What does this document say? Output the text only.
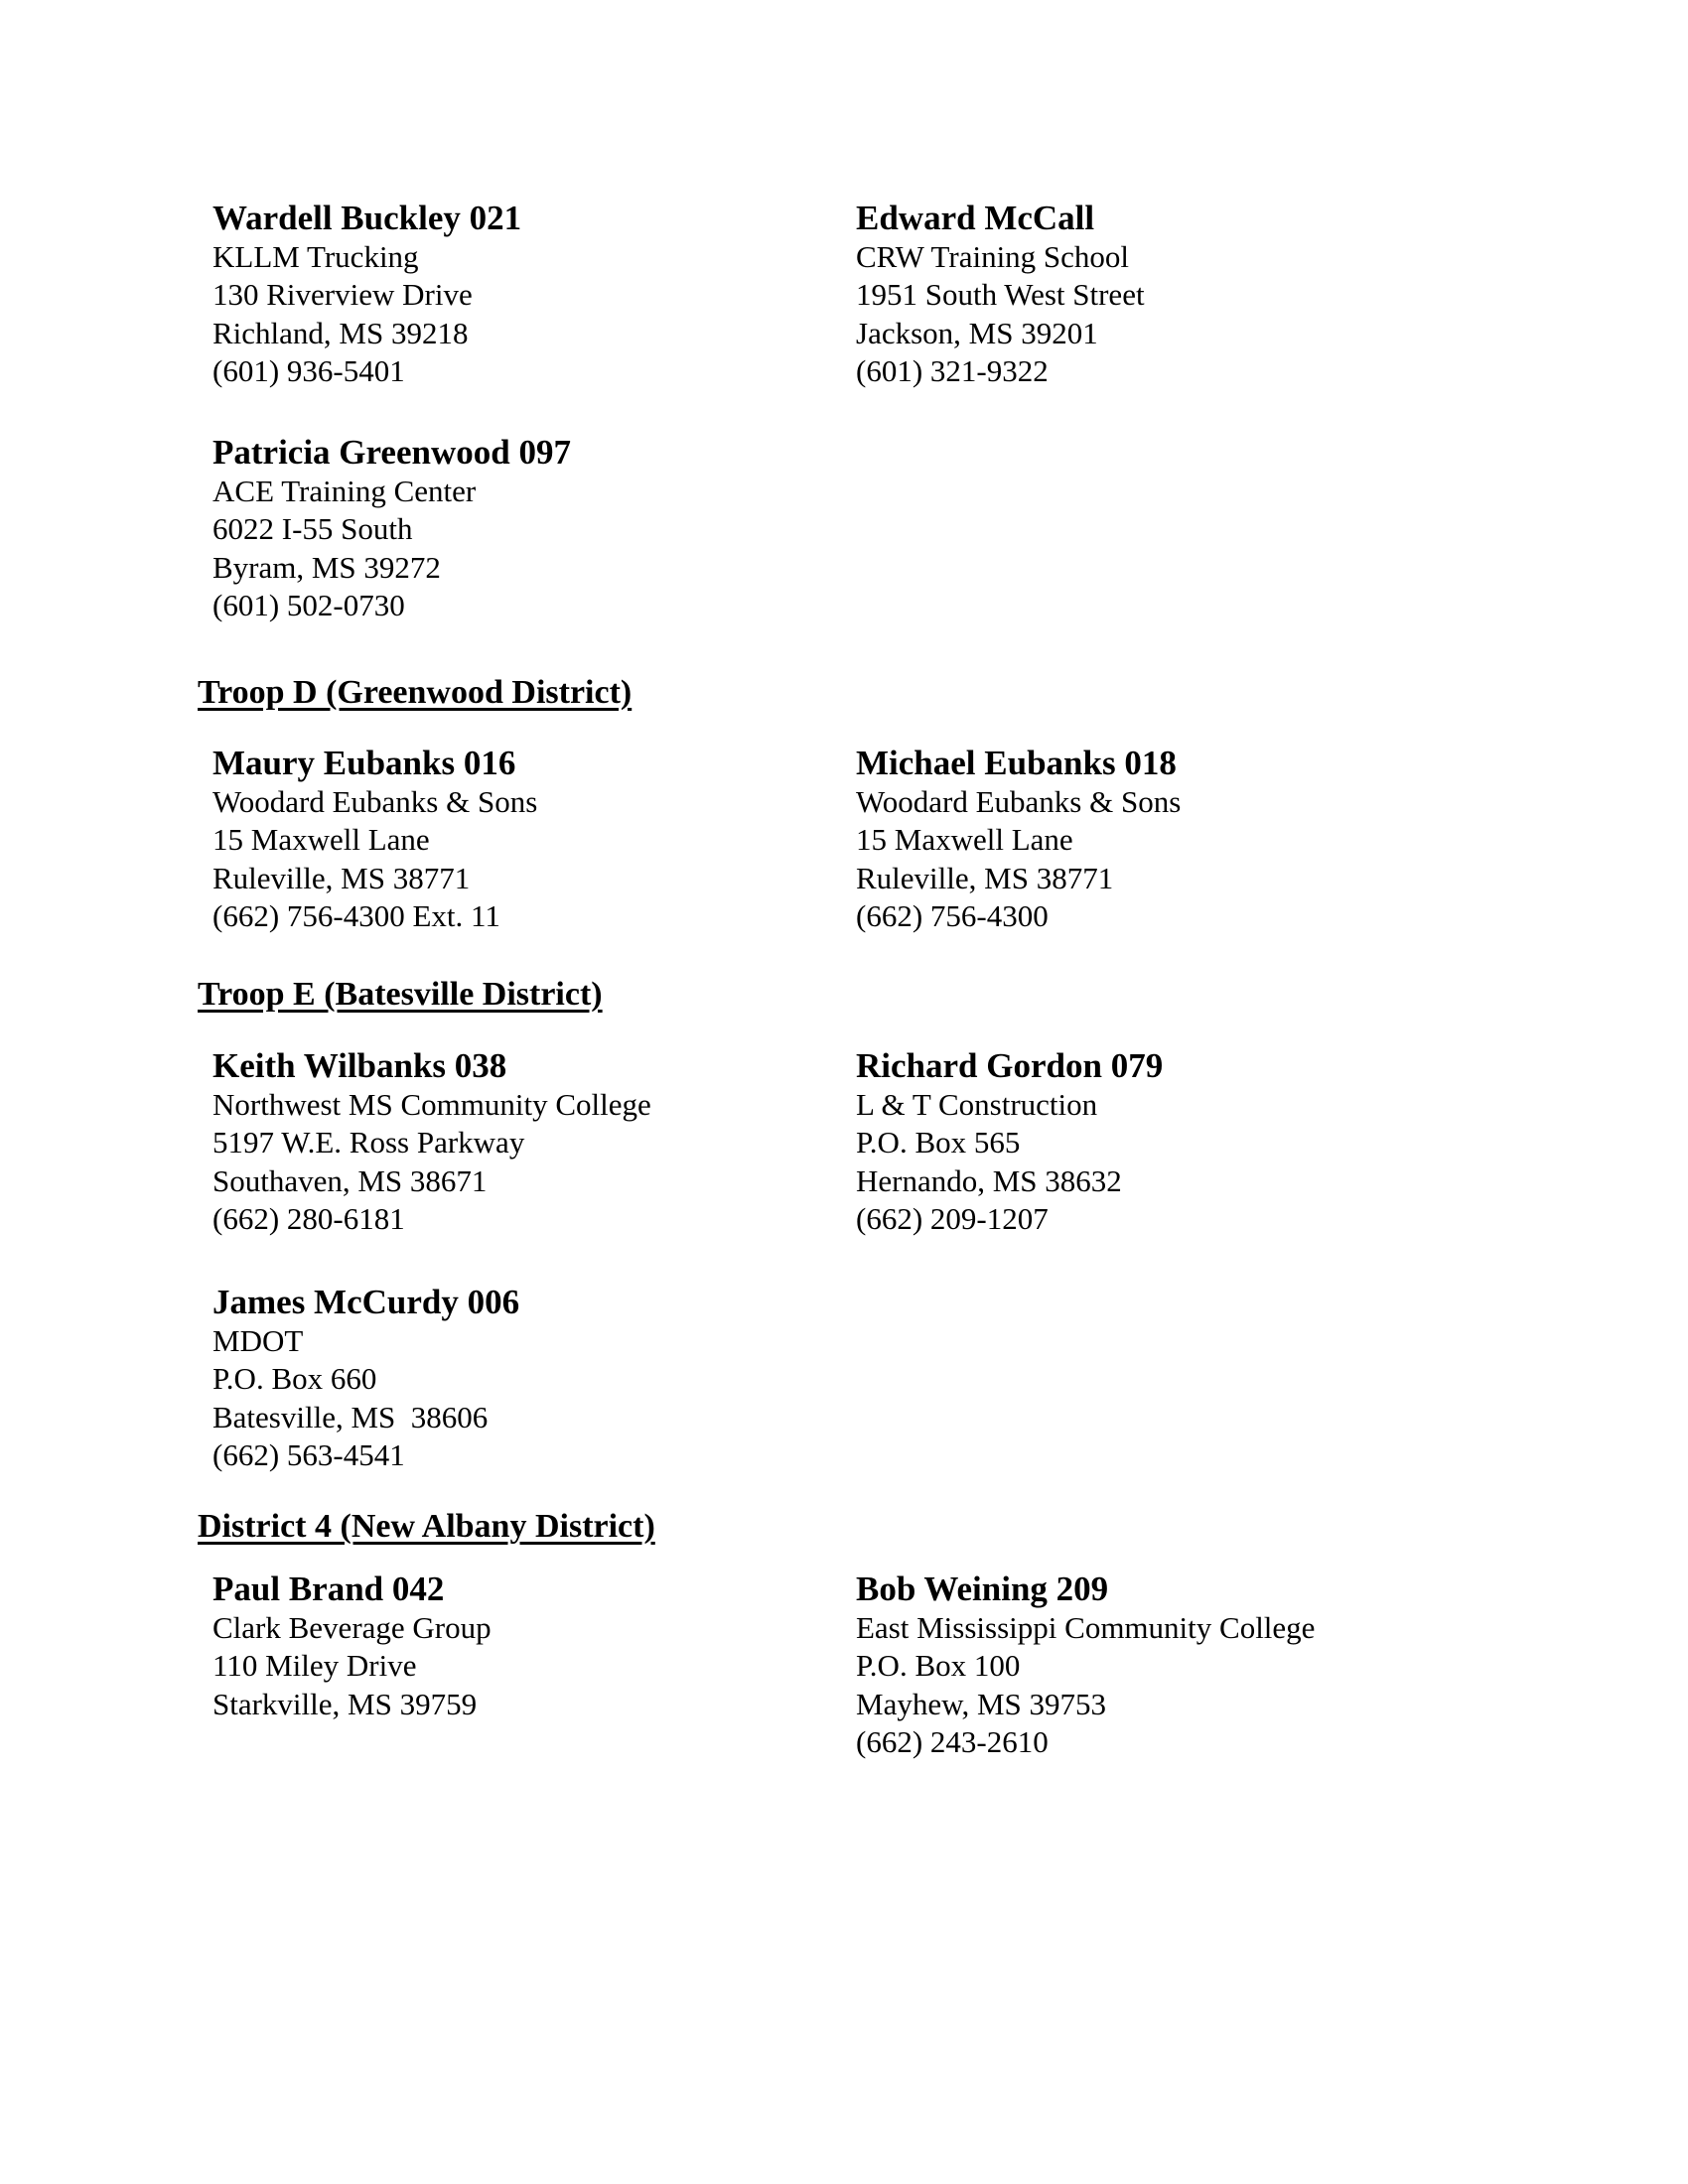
Wardell Buckley 021
KLLM Trucking
130 Riverview Drive
Richland, MS 39218
(601) 936-5401
Edward McCall
CRW Training School
1951 South West Street
Jackson, MS 39201
(601) 321-9322
Patricia Greenwood 097
ACE Training Center
6022 I-55 South
Byram, MS 39272
(601) 502-0730
Troop D (Greenwood District)
Maury Eubanks 016
Woodard Eubanks & Sons
15 Maxwell Lane
Ruleville, MS 38771
(662) 756-4300 Ext. 11
Michael Eubanks 018
Woodard Eubanks & Sons
15 Maxwell Lane
Ruleville, MS 38771
(662) 756-4300
Troop E (Batesville District)
Keith Wilbanks 038
Northwest MS Community College
5197 W.E. Ross Parkway
Southaven, MS 38671
(662) 280-6181
Richard Gordon 079
L & T Construction
P.O. Box 565
Hernando, MS 38632
(662) 209-1207
James McCurdy 006
MDOT
P.O. Box 660
Batesville, MS  38606
(662) 563-4541
District 4 (New Albany District)
Paul Brand 042
Clark Beverage Group
110 Miley Drive
Starkville, MS 39759
Bob Weining 209
East Mississippi Community College
P.O. Box 100
Mayhew, MS 39753
(662) 243-2610
